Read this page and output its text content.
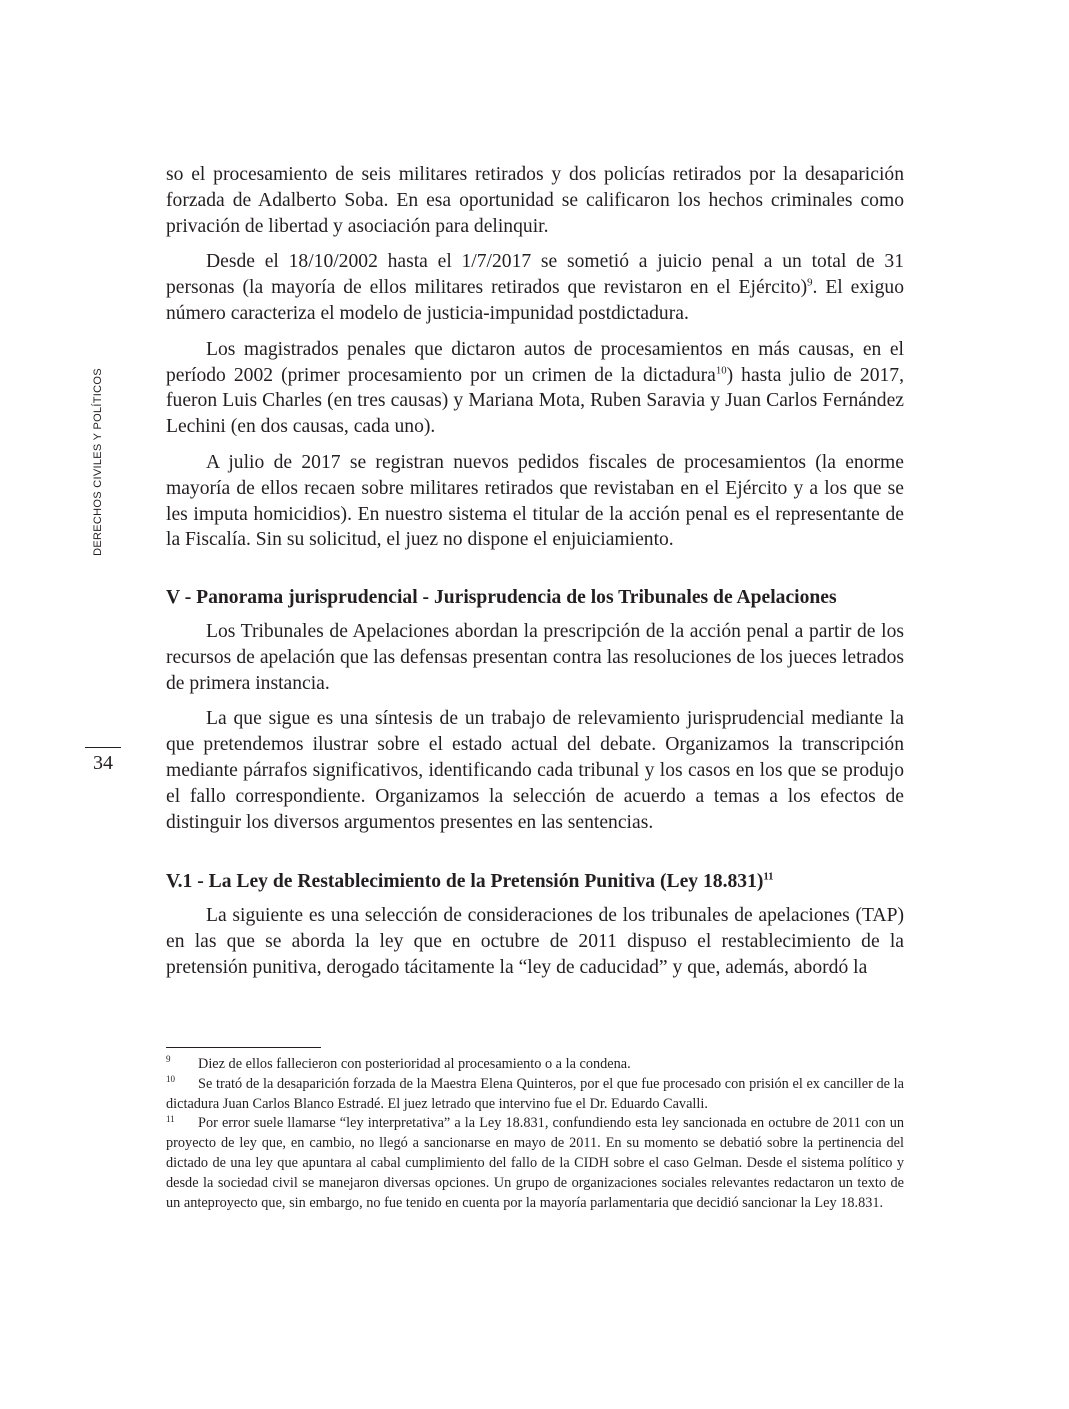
DERECHOS CIVILES Y POLÍTICOS
34

so el procesamiento de seis militares retirados y dos policías retirados por la desaparición forzada de Adalberto Soba. En esa oportunidad se calificaron los hechos criminales como privación de libertad y asociación para delinquir.

Desde el 18/10/2002 hasta el 1/7/2017 se sometió a juicio penal a un total de 31 personas (la mayoría de ellos militares retirados que revistaron en el Ejército)$^9$. El exiguo número caracteriza el modelo de justicia-impunidad postdictadura.

Los magistrados penales que dictaron autos de procesamientos en más causas, en el período 2002 (primer procesamiento por un crimen de la dictadura$^{10}$) hasta julio de 2017, fueron Luis Charles (en tres causas) y Mariana Mota, Ruben Saravia y Juan Carlos Fernández Lechini (en dos causas, cada uno).

A julio de 2017 se registran nuevos pedidos fiscales de procesamientos (la enorme mayoría de ellos recaen sobre militares retirados que revistaban en el Ejército y a los que se les imputa homicidios). En nuestro sistema el titular de la acción penal es el representante de la Fiscalía. Sin su solicitud, el juez no dispone el enjuiciamiento.

V - Panorama jurisprudencial - Jurisprudencia de los Tribunales de Apelaciones

Los Tribunales de Apelaciones abordan la prescripción de la acción penal a partir de los recursos de apelación que las defensas presentan contra las resoluciones de los jueces letrados de primera instancia.

La que sigue es una síntesis de un trabajo de relevamiento jurisprudencial mediante la que pretendemos ilustrar sobre el estado actual del debate. Organizamos la transcripción mediante párrafos significativos, identificando cada tribunal y los casos en los que se produjo el fallo correspondiente. Organizamos la selección de acuerdo a temas a los efectos de distinguir los diversos argumentos presentes en las sentencias.

V.1 - La Ley de Restablecimiento de la Pretensión Punitiva (Ley 18.831)$^{11}$

La siguiente es una selección de consideraciones de los tribunales de apelaciones (TAP) en las que se aborda la ley que en octubre de 2011 dispuso el restablecimiento de la pretensión punitiva, derogado tácitamente la “ley de caducidad” y que, además, abordó la

9 Diez de ellos fallecieron con posterioridad al procesamiento o a la condena.

10 Se trató de la desaparición forzada de la Maestra Elena Quinteros, por el que fue procesado con prisión el ex canciller de la dictadura Juan Carlos Blanco Estradé. El juez letrado que intervino fue el Dr. Eduardo Cavalli.

11 Por error suele llamarse “ley interpretativa” a la Ley 18.831, confundiendo esta ley sancionada en octubre de 2011 con un proyecto de ley que, en cambio, no llegó a sancionarse en mayo de 2011. En su momento se debatió sobre la pertinencia del dictado de una ley que apuntara al cabal cumplimiento del fallo de la CIDH sobre el caso Gelman. Desde el sistema político y desde la sociedad civil se manejaron diversas opciones. Un grupo de organizaciones sociales relevantes redactaron un texto de un anteproyecto que, sin embargo, no fue tenido en cuenta por la mayoría parlamentaria que decidió sancionar la Ley 18.831.
